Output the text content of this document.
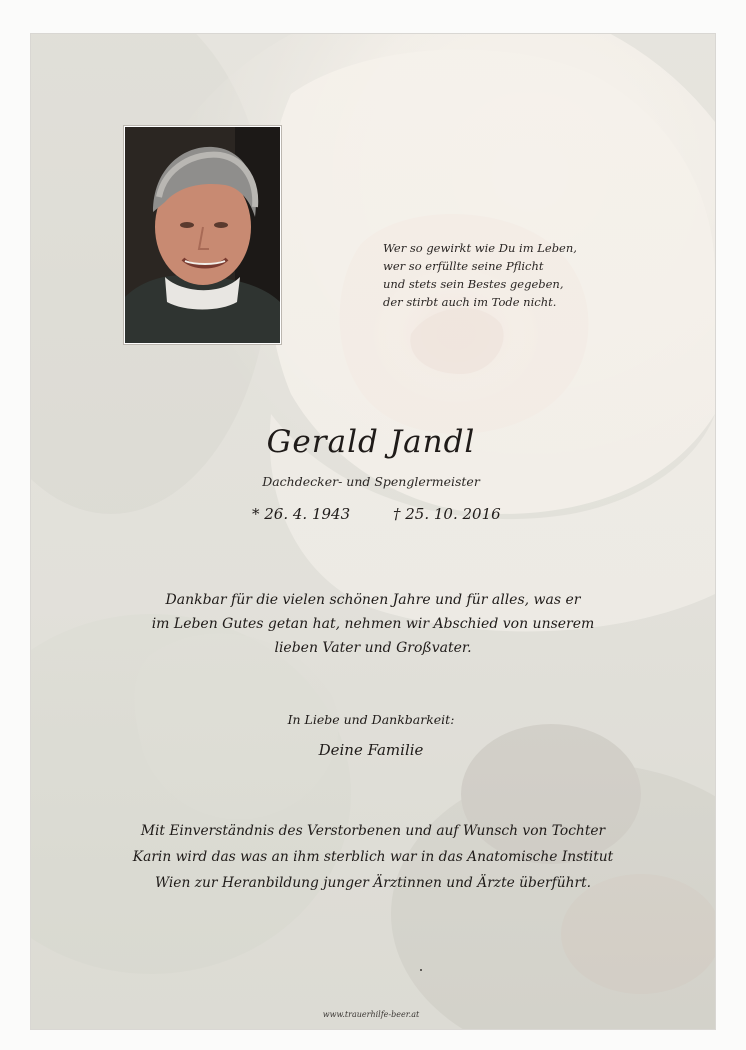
Wer so gewirkt wie Du im Leben,
wer so erfüllte seine Pflicht
und stets sein Bestes gegeben,
der stirbt auch im Tode nicht.
Gerald Jandl
Dachdecker- und Spenglermeister
* 26. 4. 1943	† 25. 10. 2016
Dankbar für die vielen schönen Jahre und für alles, was er
im Leben Gutes getan hat, nehmen wir Abschied von unserem
lieben Vater und Großvater.
In Liebe und Dankbarkeit:
Deine Familie
Mit Einverständnis des Verstorbenen und auf Wunsch von Tochter
Karin wird das was an ihm sterblich war in das Anatomische Institut
Wien zur Heranbildung junger Ärztinnen und Ärzte überführt.
www.trauerhilfe-beer.at
